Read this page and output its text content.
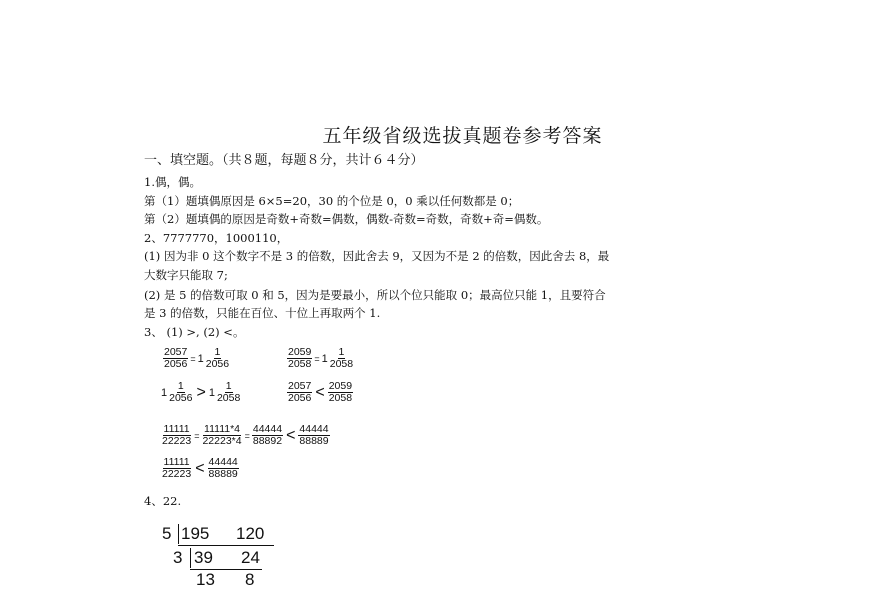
五年级省级选拔真题卷参考答案
一、填空题。（共８题，每题８分，共计６４分）
1.偶，偶。
第（1）题填偶原因是 6×5=20，30 的个位是 0，0 乘以任何数都是 0；
第（2）题填偶的原因是奇数+奇数=偶数，偶数-奇数=奇数，奇数+奇=偶数。
2、7777770，1000110，
(1) 因为非 0 这个数字不是 3 的倍数，因此舍去 9，又因为不是 2 的倍数，因此舍去 8，最
大数字只能取 7;
(2) 是 5 的倍数可取 0 和 5，因为是要最小，所以个位只能取 0；最高位只能 1，且要符合
是 3 的倍数，只能在百位、十位上再取两个 1.
3、 (1) >, (2) <。
$\frac{2057}{2056} = 1 \frac{1}{2056}$	$\frac{2059}{2058} = 1 \frac{1}{2058}$
$1 \frac{1}{2056} > 1 \frac{1}{2058}$	$\frac{2057}{2056} < \frac{2059}{2058}$
$\frac{11111}{22223} = \frac{11111*4}{22223*4} = \frac{44444}{88892} < \frac{44444}{88889}$
$\frac{11111}{22223} < \frac{44444}{88889}$
4、22.
5 195 120
3 39 24
13 8
